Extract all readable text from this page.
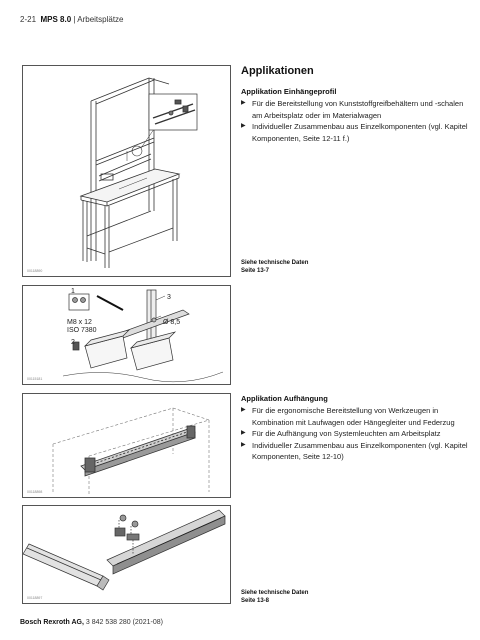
2-21 MPS 8.0 | Arbeitsplätze
00118890
1
2
3
M8 x 12
ISO 7380
Ø 8,5
00115181
00118898
00118897
Applikationen
Applikation Einhängeprofil
▶ Für die Bereitstellung von Kunststoffgreifbehältern und -schalen am Arbeitsplatz oder im Materialwagen
▶ Individueller Zusammenbau aus Einzelkomponenten (vgl. Kapitel Komponenten, Seite 12-11 f.)
Siehe technische Daten
Seite 13-7
Applikation Aufhängung
▶ Für die ergonomische Bereitstellung von Werkzeugen in Kombination mit Laufwagen oder Hängegleiter und Federzug
▶ Für die Aufhängung von Systemleuchten am Arbeitsplatz
▶ Individueller Zusammenbau aus Einzelkomponenten (vgl. Kapitel Komponenten, Seite 12-10)
Siehe technische Daten
Seite 13-8
Bosch Rexroth AG, 3 842 538 280 (2021-08)
